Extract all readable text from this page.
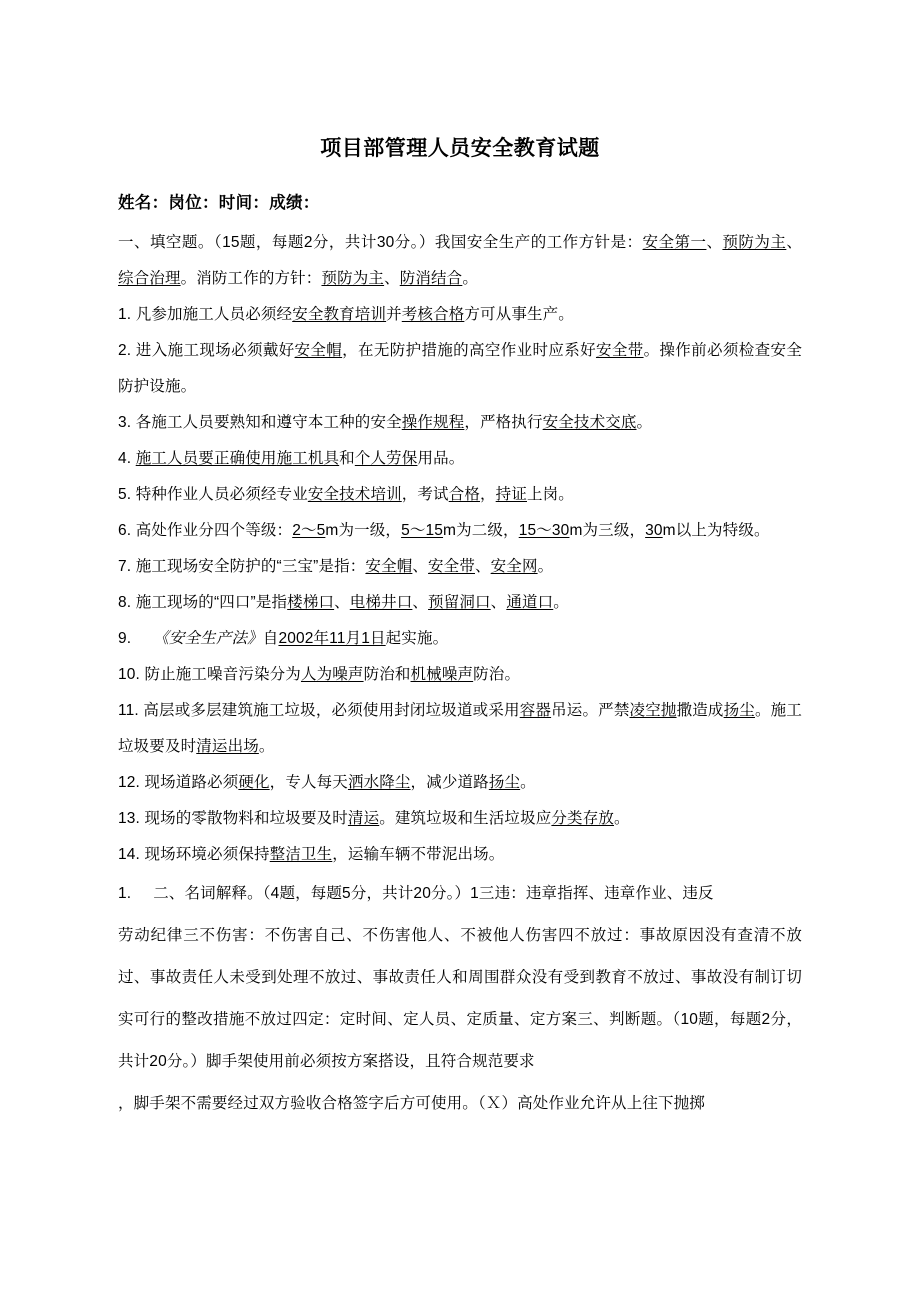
项目部管理人员安全教育试题
姓名：岗位：时间：成绩：

一、填空题。（15题，每题2分，共计30分。）我国安全生产的工作方针是：安全第一、预防为主、综合治理。消防工作的方针：预防为主、防消结合。

1. 凡参加施工人员必须经安全教育培训并考核合格方可从事生产。

2. 进入施工现场必须戴好安全帽，在无防护措施的高空作业时应系好安全带。操作前必须检查安全防护设施。

3. 各施工人员要熟知和遵守本工种的安全操作规程，严格执行安全技术交底。

4. 施工人员要正确使用施工机具和个人劳保用品。

5. 特种作业人员必须经专业安全技术培训，考试合格，持证上岗。

6. 高处作业分四个等级：2～5m为一级，5～15m为二级，15～30m为三级，30m以上为特级。

7. 施工现场安全防护的“三宝”是指：安全帽、安全带、安全网。

8. 施工现场的“四口”是指楼梯口、电梯井口、预留洞口、通道口。

9. 《安全生产法》自2002年11月1日起实施。

10. 防止施工噪音污染分为人为噪声防治和机械噪声防治。

11. 高层或多层建筑施工垃圾，必须使用封闭垃圾道或采用容器吊运。严禁凌空抛撒造成扬尘。施工垃圾要及时清运出场。

12. 现场道路必须硬化，专人每天洒水降尘，减少道路扬尘。

13. 现场的零散物料和垃圾要及时清运。建筑垃圾和生活垃圾应分类存放。

14. 现场环境必须保持整洁卫生，运输车辆不带泥出场。

1. 二、名词解释。（4题，每题5分，共计20分。）1三违：违章指挥、违章作业、违反

劳动纪律三不伤害：不伤害自己、不伤害他人、不被他人伤害四不放过：事故原因没有查清不放过、事故责任人未受到处理不放过、事故责任人和周围群众没有受到教育不放过、事故没有制订切实可行的整改措施不放过四定：定时间、定人员、定质量、定方案三、判断题。（10题，每题2分，共计20分。）脚手架使用前必须按方案搭设，且符合规范要求

，脚手架不需要经过双方验收合格签字后方可使用。（Ｘ）高处作业允许从上往下抛掷
